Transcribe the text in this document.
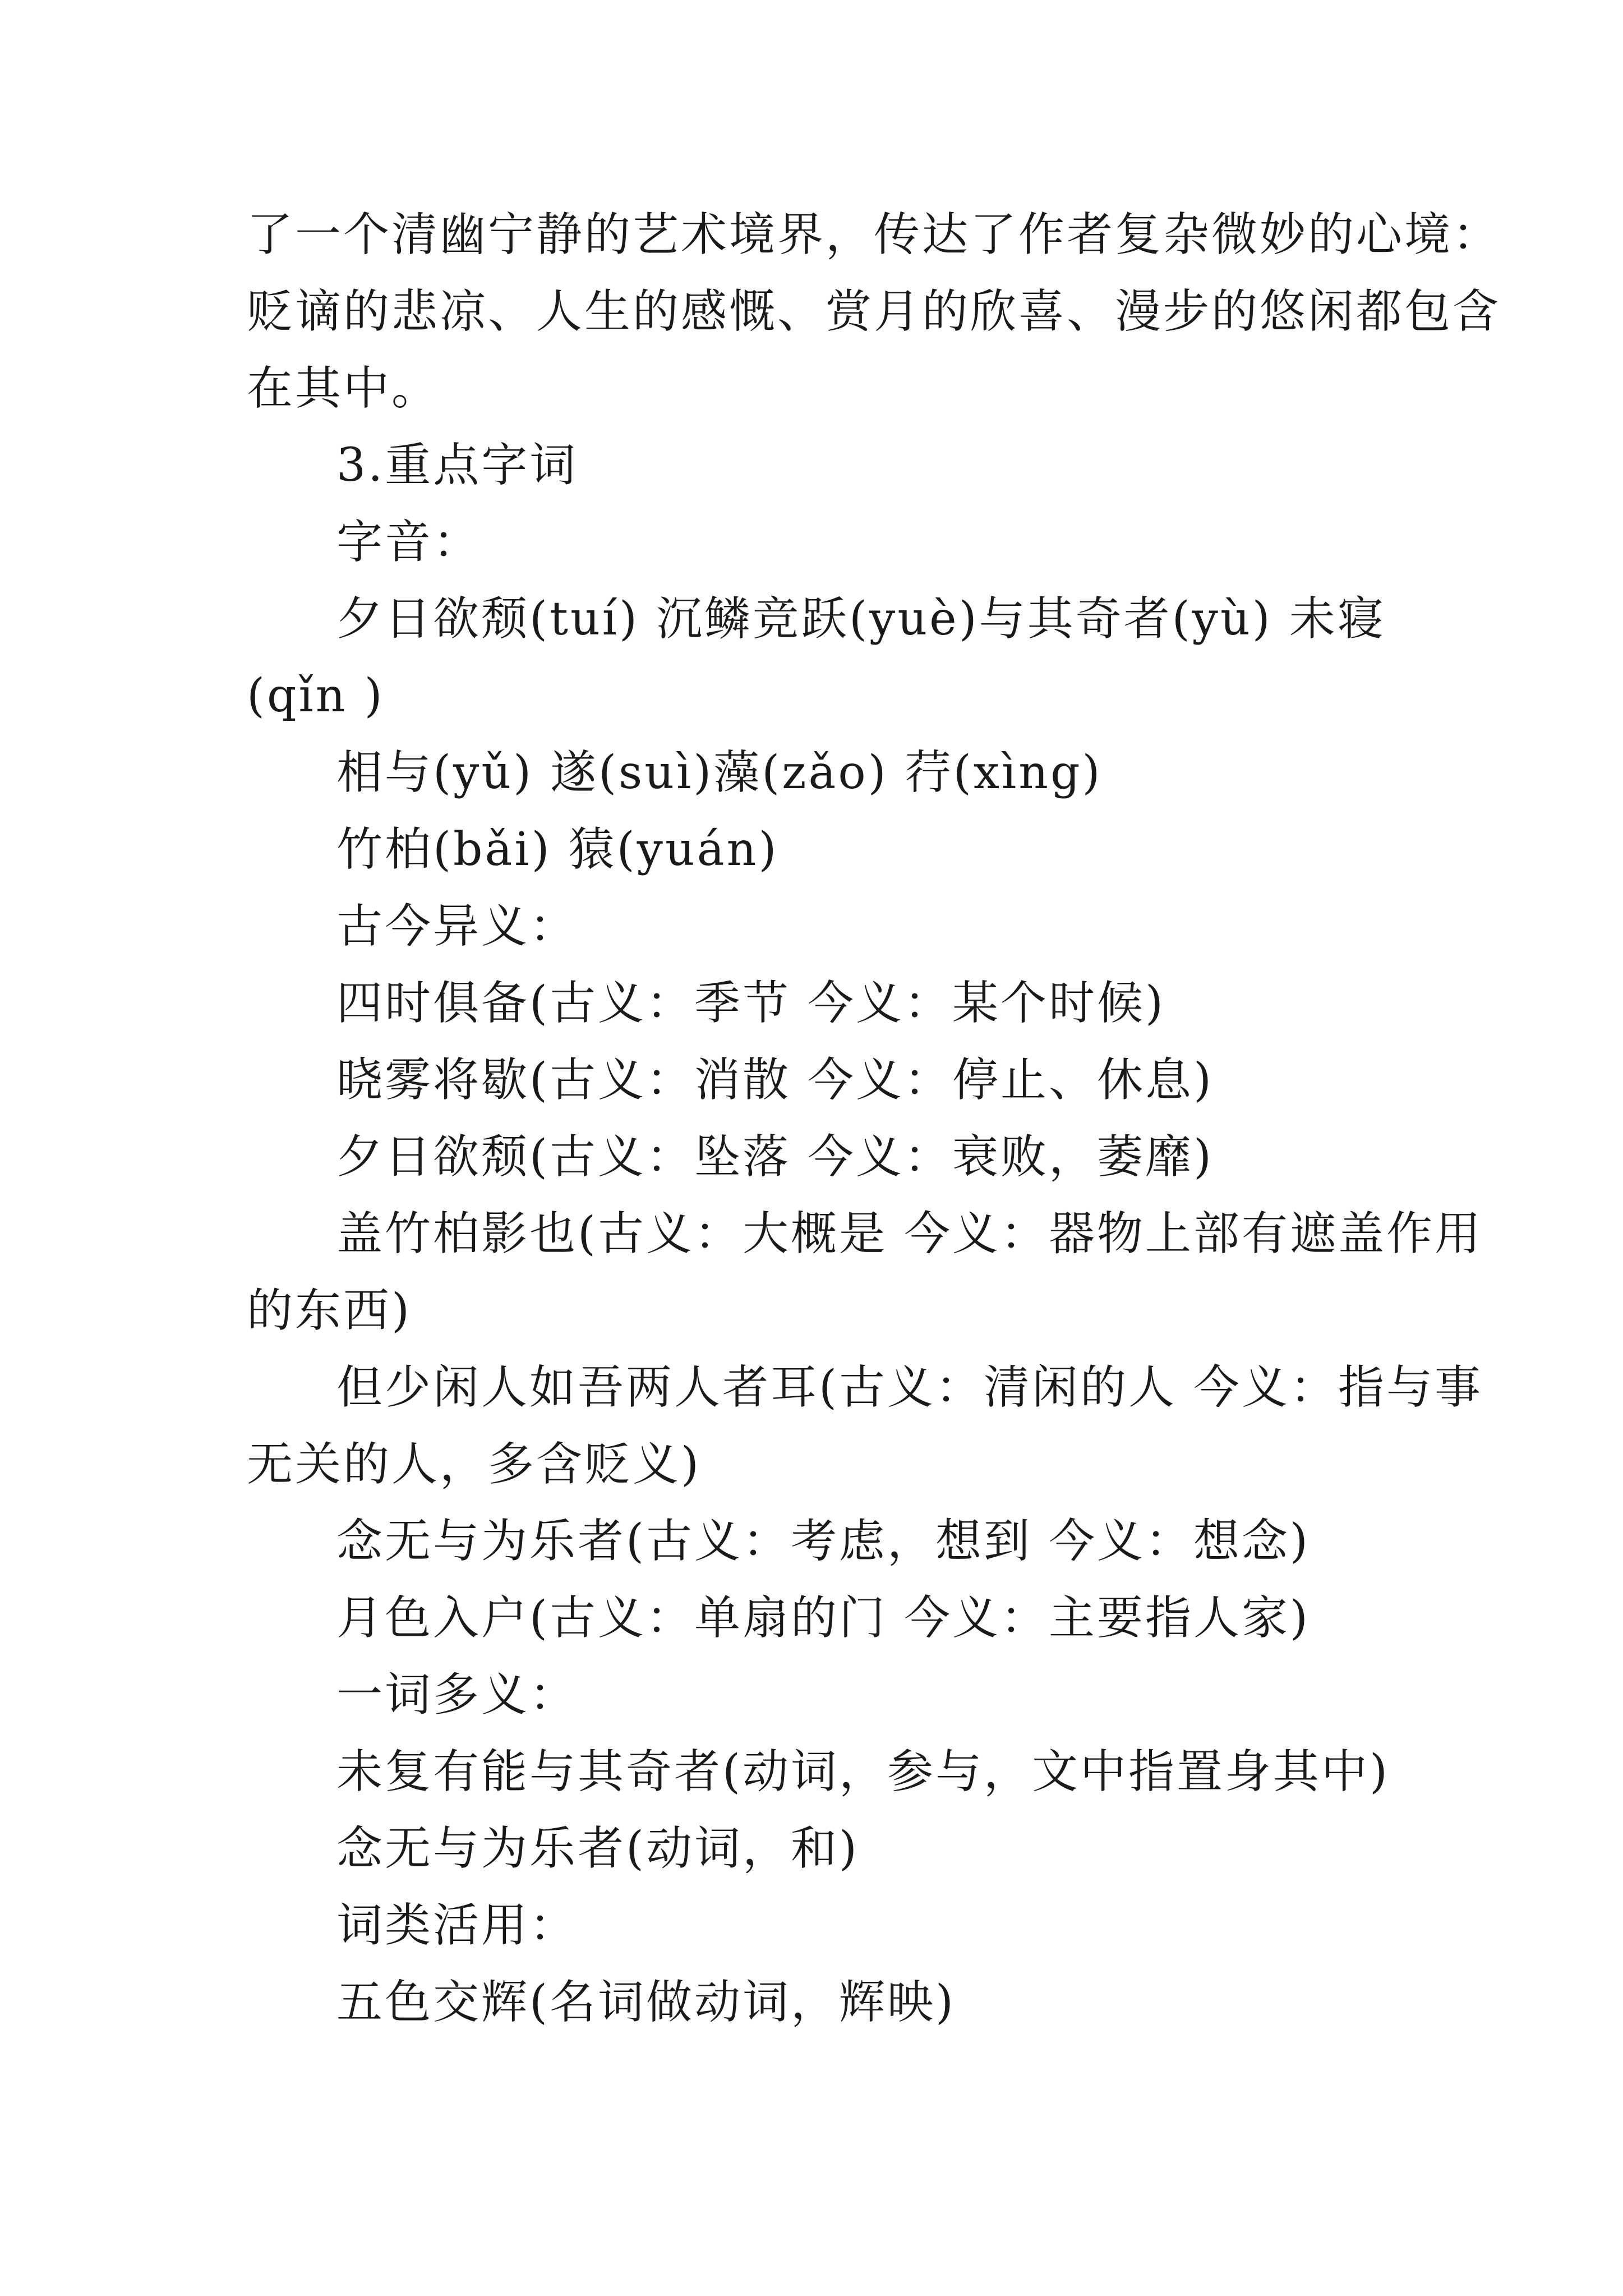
了一个清幽宁静的艺术境界，传达了作者复杂微妙的心境：

贬谪的悲凉、人生的感慨、赏月的欣喜、漫步的悠闲都包含

在其中。

3.重点字词

字音：

夕日欲颓(tuí) 沉鳞竞跃(yuè)与其奇者(yù) 未寝

(qǐn )

相与(yǔ) 遂(suì)藻(zǎo) 荇(xìng)

竹柏(bǎi) 猿(yuán)

古今异义：

四时俱备(古义：季节 今义：某个时候)

晓雾将歇(古义：消散 今义：停止、休息)

夕日欲颓(古义：坠落 今义：衰败，萎靡)

盖竹柏影也(古义：大概是 今义：器物上部有遮盖作用

的东西)

但少闲人如吾两人者耳(古义：清闲的人 今义：指与事

无关的人，多含贬义)

念无与为乐者(古义：考虑，想到 今义：想念)

月色入户(古义：单扇的门 今义：主要指人家)

一词多义：

未复有能与其奇者(动词，参与，文中指置身其中)

念无与为乐者(动词，和)

词类活用：

五色交辉(名词做动词，辉映)
